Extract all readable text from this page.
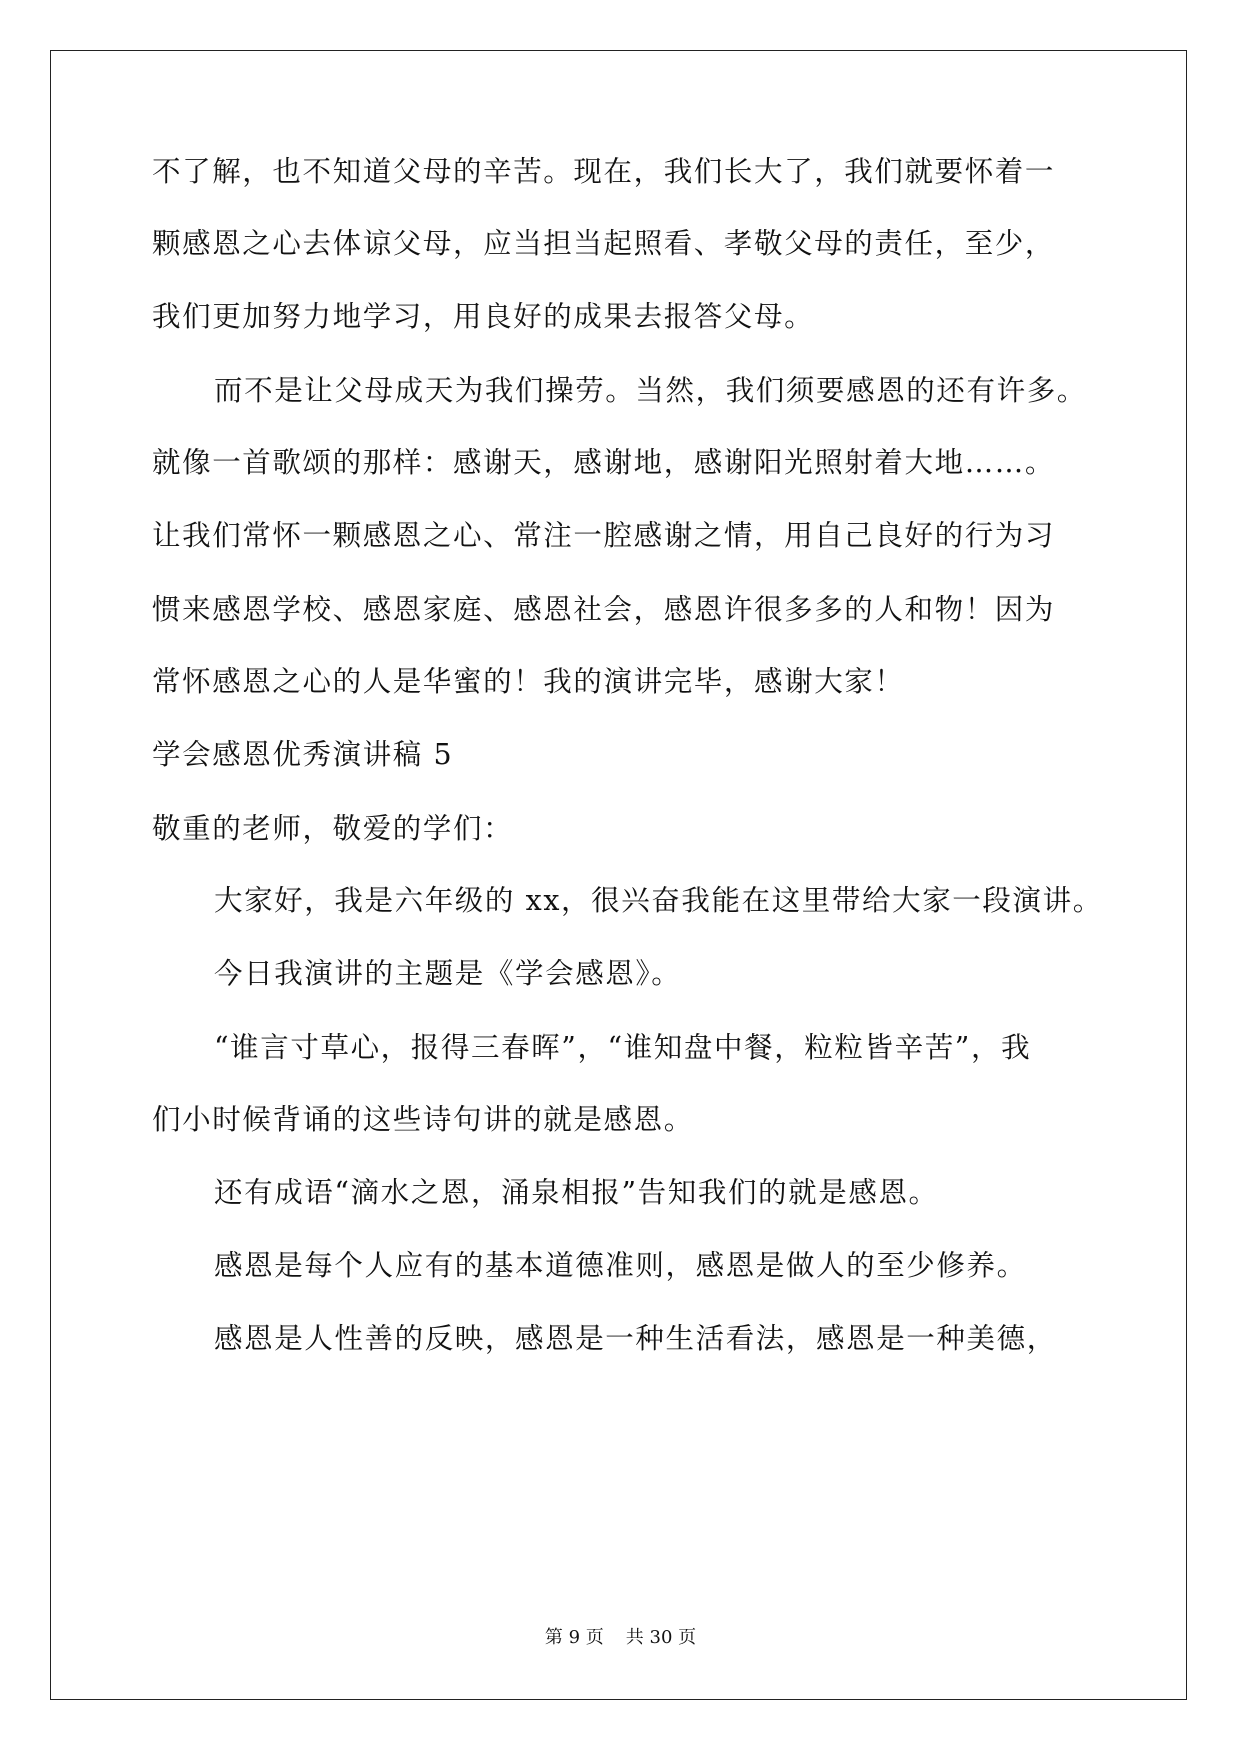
不了解，也不知道父母的辛苦。现在，我们长大了，我们就要怀着一
颗感恩之心去体谅父母，应当担当起照看、孝敬父母的责任，至少，
我们更加努力地学习，用良好的成果去报答父母。
而不是让父母成天为我们操劳。当然，我们须要感恩的还有许多。
就像一首歌颂的那样：感谢天，感谢地，感谢阳光照射着大地……。
让我们常怀一颗感恩之心、常注一腔感谢之情，用自己良好的行为习
惯来感恩学校、感恩家庭、感恩社会，感恩许很多多的人和物！因为
常怀感恩之心的人是华蜜的！我的演讲完毕，感谢大家！
学会感恩优秀演讲稿 5
敬重的老师，敬爱的学们：
大家好，我是六年级的 xx，很兴奋我能在这里带给大家一段演讲。
今日我演讲的主题是《学会感恩》。
“谁言寸草心，报得三春晖”，“谁知盘中餐，粒粒皆辛苦”，我
们小时候背诵的这些诗句讲的就是感恩。
还有成语“滴水之恩，涌泉相报”告知我们的就是感恩。
感恩是每个人应有的基本道德准则，感恩是做人的至少修养。
感恩是人性善的反映，感恩是一种生活看法，感恩是一种美德，
第 9 页 共 30 页
